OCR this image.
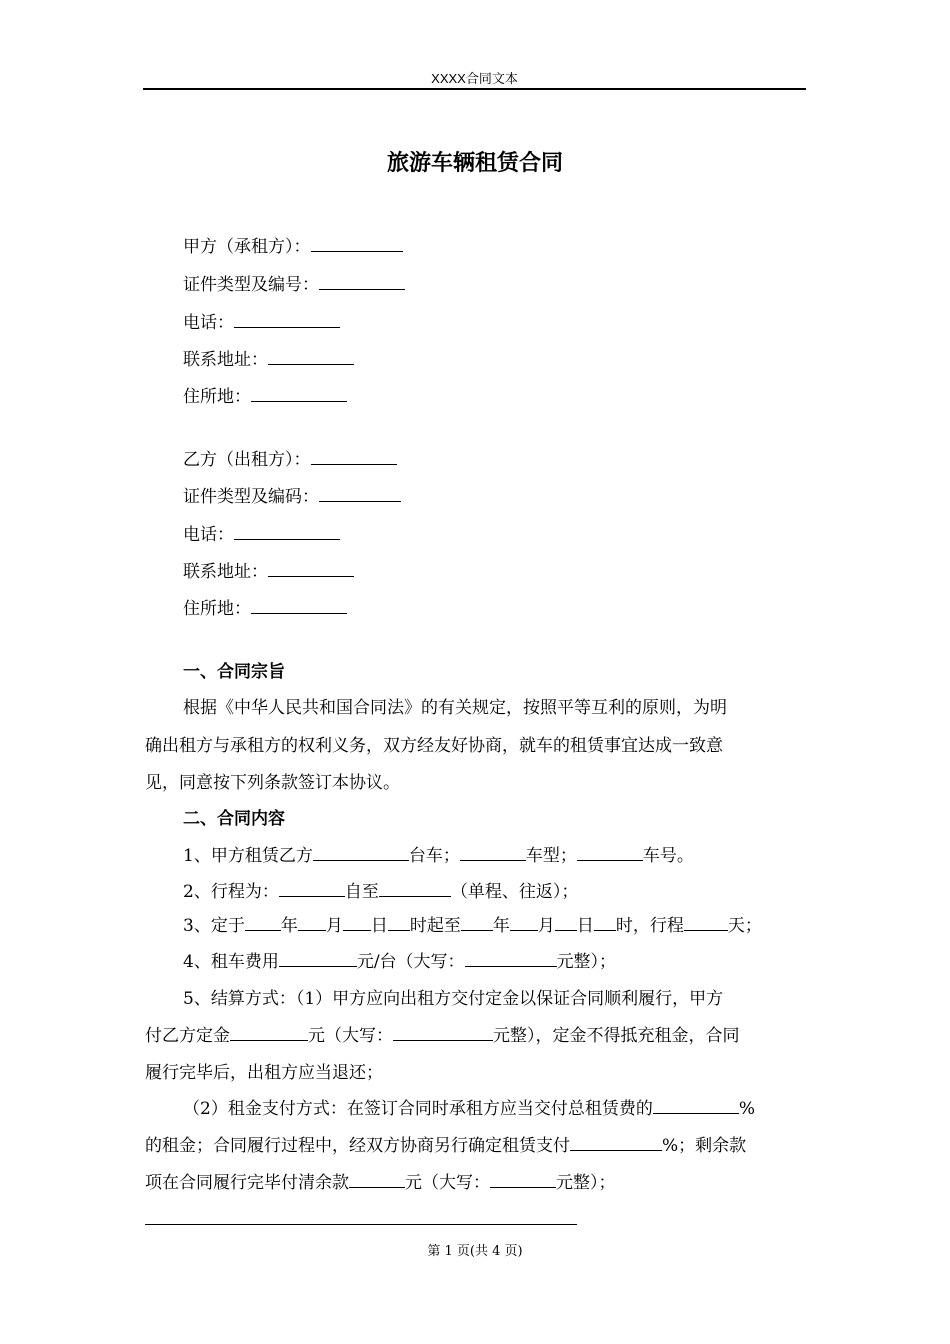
XXXX合同文本
旅游车辆租赁合同
甲方（承租方）：
证件类型及编号：
电话：
联系地址：
住所地：
乙方（出租方）：
证件类型及编码：
电话：
联系地址：
住所地：
一、合同宗旨
根据《中华人民共和国合同法》的有关规定，按照平等互利的原则，为明
确出租方与承租方的权利义务，双方经友好协商，就车的租赁事宜达成一致意
见，同意按下列条款签订本协议。
二、合同内容
1、甲方租赁乙方	台车；	车型；	车号。
2、行程为：	自至	（单程、往返）；
3、定于 年 月 日 时起至 年 月 日 时，行程	天；
4、租车费用	元/台（大写：	元整）；
5、结算方式：（1）甲方应向出租方交付定金以保证合同顺利履行，甲方
付乙方定金	元（大写：	元整），定金不得抵充租金，合同
履行完毕后，出租方应当退还；
（2）租金支付方式：在签订合同时承租方应当交付总租赁费的	%
的租金；合同履行过程中，经双方协商另行确定租赁支付	%；剩余款
项在合同履行完毕付清余款	元（大写：	元整）；
第 1 页(共 4 页)
